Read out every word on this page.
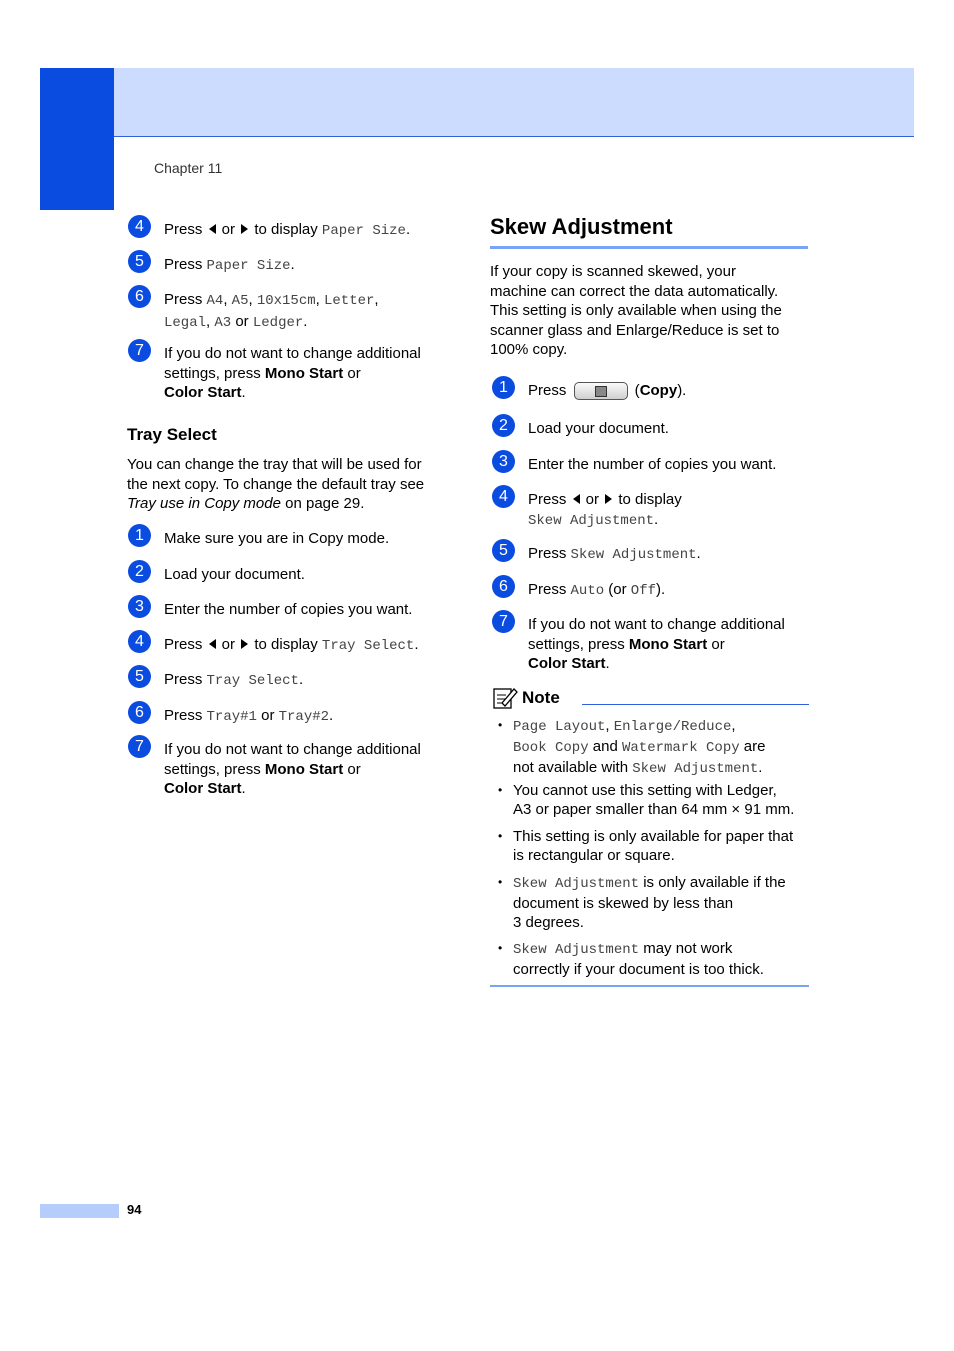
Chapter 11
4	Press  or  to display Paper Size.
5	Press Paper Size.
6	Press A4, A5, 10x15cm, Letter,
Legal, A3 or Ledger.
7	If you do not want to change additional
settings, press Mono Start or
Color Start.
Tray Select
You can change the tray that will be used for
the next copy. To change the default tray see
Tray use in Copy mode on page 29.
1	Make sure you are in Copy mode.
2	Load your document.
3	Enter the number of copies you want.
4	Press  or  to display Tray Select.
5	Press Tray Select.
6	Press Tray#1 or Tray#2.
7	If you do not want to change additional
settings, press Mono Start or
Color Start.
Skew Adjustment
If your copy is scanned skewed, your
machine can correct the data automatically.
This setting is only available when using the
scanner glass and Enlarge/Reduce is set to
100% copy.
1	Press	(Copy).
2	Load your document.
3	Enter the number of copies you want.
4	Press  or  to display
Skew Adjustment.
5	Press Skew Adjustment.
6	Press Auto (or Off).
7	If you do not want to change additional
settings, press Mono Start or
Color Start.
Note
• Page Layout, Enlarge/Reduce,
Book Copy and Watermark Copy are
not available with Skew Adjustment.
• You cannot use this setting with Ledger,
A3 or paper smaller than 64 mm × 91 mm.
• This setting is only available for paper that
is rectangular or square.
• Skew Adjustment is only available if the
document is skewed by less than
3 degrees.
• Skew Adjustment may not work
correctly if your document is too thick.
94
